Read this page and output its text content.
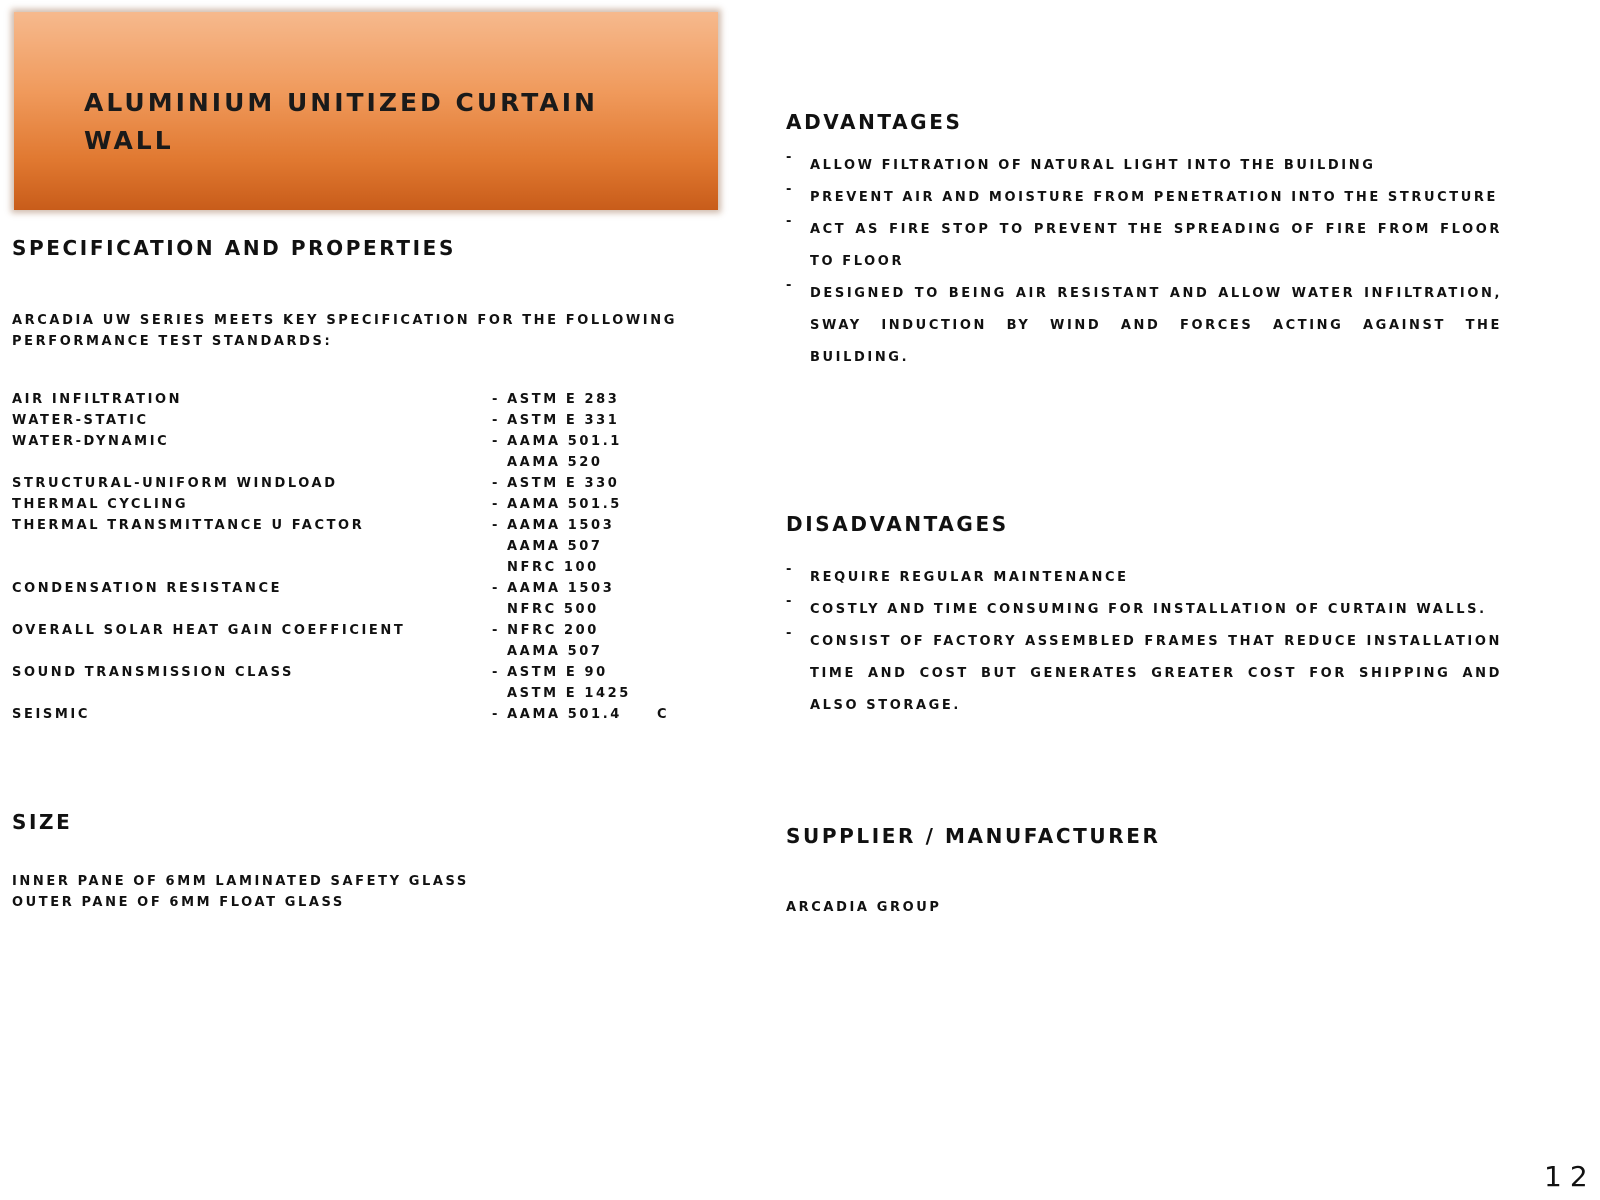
ALUMINIUM UNITIZED CURTAIN WALL
SPECIFICATION AND PROPERTIES
ARCADIA UW SERIES MEETS KEY SPECIFICATION FOR THE FOLLOWING PERFORMANCE TEST STANDARDS:
AIR INFILTRATION	- ASTM E 283
WATER-STATIC	- ASTM E 331
WATER-DYNAMIC	- AAMA 501.1
AAMA 520
STRUCTURAL-UNIFORM WINDLOAD	- ASTM E 330
THERMAL CYCLING	- AAMA 501.5
THERMAL TRANSMITTANCE U FACTOR	- AAMA 1503
AAMA 507
NFRC 100
CONDENSATION RESISTANCE	- AAMA 1503
NFRC 500
OVERALL SOLAR HEAT GAIN COEFFICIENT	- NFRC 200
AAMA 507
SOUND TRANSMISSION CLASS	- ASTM E 90
ASTM E 1425
SEISMIC	- AAMA 501.4	C
SIZE
INNER PANE OF 6MM LAMINATED SAFETY GLASS
OUTER PANE OF 6MM FLOAT GLASS
ADVANTAGES
-
ALLOW FILTRATION OF NATURAL LIGHT INTO THE BUILDING
-
PREVENT AIR AND MOISTURE FROM PENETRATION INTO THE STRUCTURE
-
ACT AS FIRE STOP TO PREVENT THE SPREADING OF FIRE FROM FLOOR TO FLOOR
-
DESIGNED TO BEING AIR RESISTANT AND ALLOW WATER INFILTRATION, SWAY INDUCTION BY WIND AND FORCES ACTING AGAINST THE BUILDING.
DISADVANTAGES
-
REQUIRE REGULAR MAINTENANCE
-
COSTLY AND TIME CONSUMING FOR INSTALLATION OF CURTAIN WALLS.
-
CONSIST OF FACTORY ASSEMBLED FRAMES THAT REDUCE INSTALLATION TIME AND COST BUT GENERATES GREATER COST FOR SHIPPING AND ALSO STORAGE.
SUPPLIER / MANUFACTURER
ARCADIA GROUP
12
